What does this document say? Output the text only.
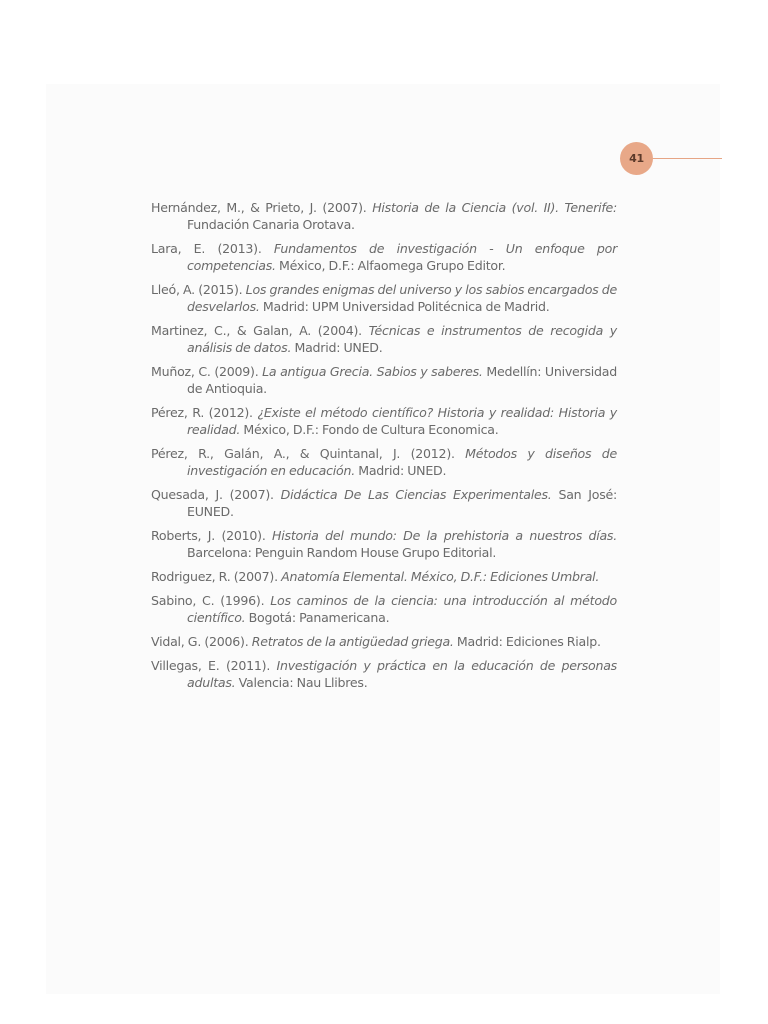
41
Hernández, M., & Prieto, J. (2007). Historia de la Ciencia (vol. II). Tenerife: Fundación Canaria Orotava.
Lara, E. (2013). Fundamentos de investigación - Un enfoque por competencias. México, D.F.: Alfaomega Grupo Editor.
Lleó, A. (2015). Los grandes enigmas del universo y los sabios encargados de desvelarlos. Madrid: UPM Universidad Politécnica de Madrid.
Martinez, C., & Galan, A. (2004). Técnicas e instrumentos de recogida y análisis de datos. Madrid: UNED.
Muñoz, C. (2009). La antigua Grecia. Sabios y saberes. Medellín: Universidad de Antioquia.
Pérez, R. (2012). ¿Existe el método científico? Historia y realidad: Historia y realidad. México, D.F.: Fondo de Cultura Economica.
Pérez, R., Galán, A., & Quintanal, J. (2012). Métodos y diseños de investigación en educación. Madrid: UNED.
Quesada, J. (2007). Didáctica De Las Ciencias Experimentales. San José: EUNED.
Roberts, J. (2010). Historia del mundo: De la prehistoria a nuestros días. Barcelona: Penguin Random House Grupo Editorial.
Rodriguez, R. (2007). Anatomía Elemental. México, D.F.: Ediciones Umbral.
Sabino, C. (1996). Los caminos de la ciencia: una introducción al método científico. Bogotá: Panamericana.
Vidal, G. (2006). Retratos de la antigüedad griega. Madrid: Ediciones Rialp.
Villegas, E. (2011). Investigación y práctica en la educación de personas adultas. Valencia: Nau Llibres.
